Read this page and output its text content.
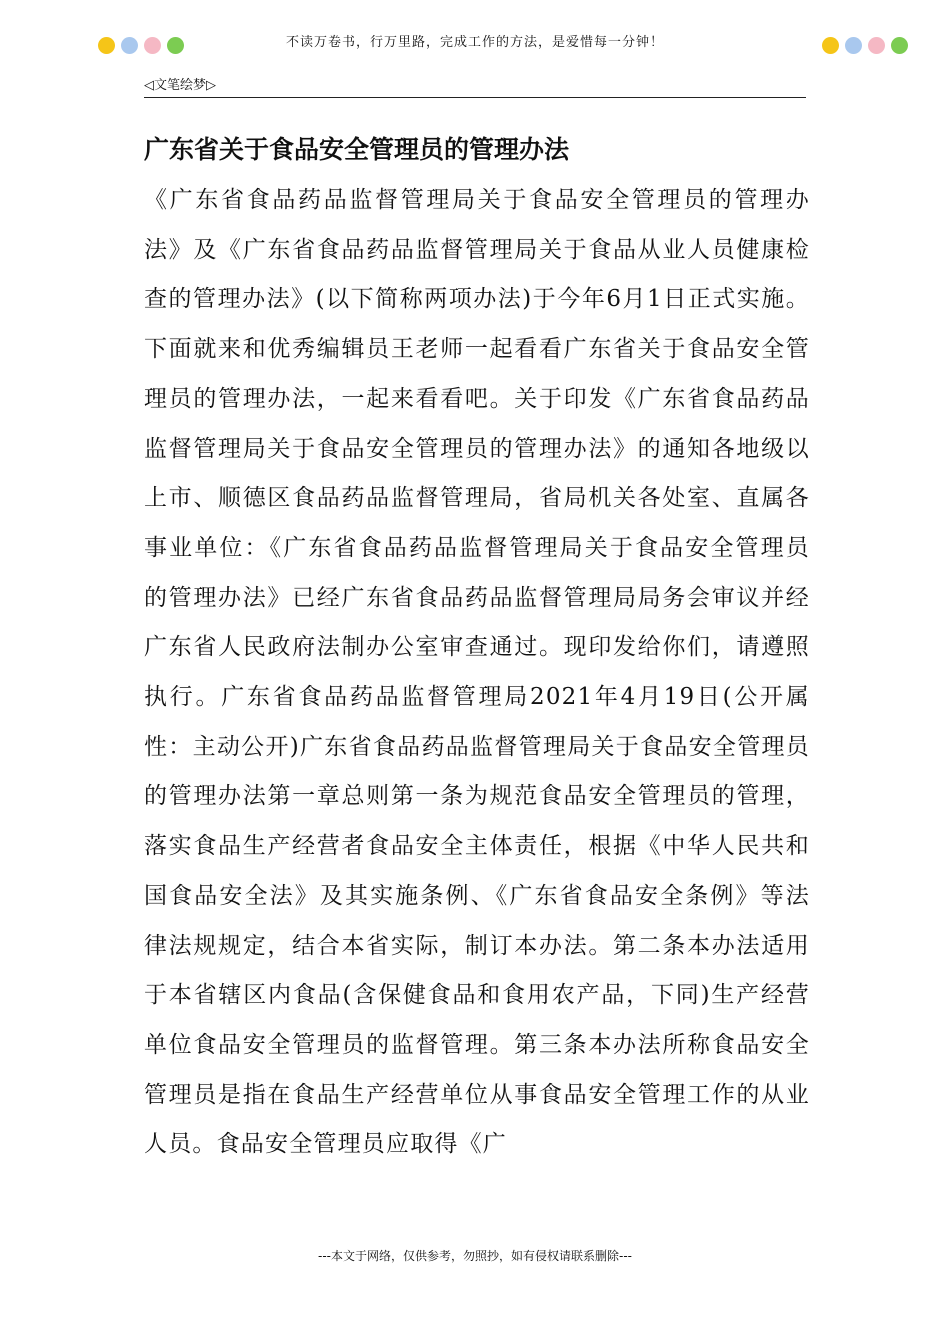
不读万卷书，行万里路，完成工作的方法，是爱惜每一分钟！
◁文笔绘梦▷
广东省关于食品安全管理员的管理办法

《广东省食品药品监督管理局关于食品安全管理员的管理办法》及《广东省食品药品监督管理局关于食品从业人员健康检查的管理办法》(以下简称两项办法)于今年6月1日正式实施。下面就来和优秀编辑员王老师一起看看广东省关于食品安全管理员的管理办法，一起来看看吧。关于印发《广东省食品药品监督管理局关于食品安全管理员的管理办法》的通知各地级以上市、顺德区食品药品监督管理局，省局机关各处室、直属各事业单位：《广东省食品药品监督管理局关于食品安全管理员的管理办法》已经广东省食品药品监督管理局局务会审议并经广东省人民政府法制办公室审查通过。现印发给你们，请遵照执行。广东省食品药品监督管理局2021年4月19日(公开属性：主动公开)广东省食品药品监督管理局关于食品安全管理员的管理办法第一章总则第一条为规范食品安全管理员的管理，落实食品生产经营者食品安全主体责任，根据《中华人民共和国食品安全法》及其实施条例、《广东省食品安全条例》等法律法规规定，结合本省实际，制订本办法。第二条本办法适用于本省辖区内食品(含保健食品和食用农产品，下同)生产经营单位食品安全管理员的监督管理。第三条本办法所称食品安全管理员是指在食品生产经营单位从事食品安全管理工作的从业人员。食品安全管理员应取得《广

---本文于网络，仅供参考，勿照抄，如有侵权请联系删除---
